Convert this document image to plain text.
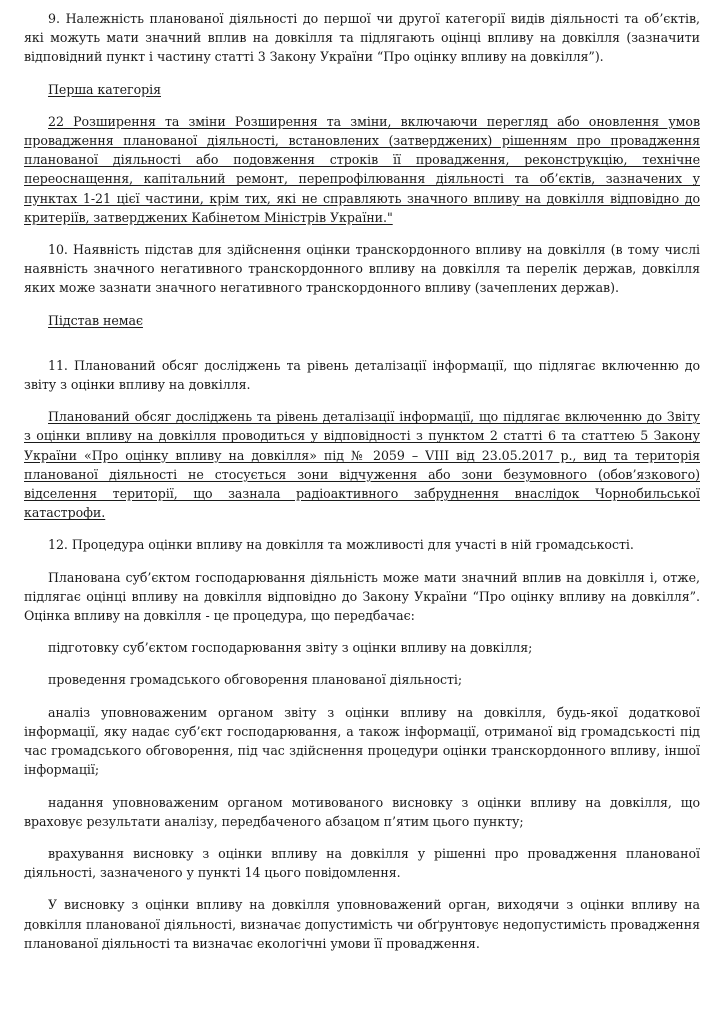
9. Належність планованої діяльності до першої чи другої категорії видів діяльності та об’єктів, які можуть мати значний вплив на довкілля та підлягають оцінці впливу на довкілля (зазначити відповідний пункт і частину статті 3 Закону України “Про оцінку впливу на довкілля”).

Перша категорія

22 Розширення та зміни Розширення та зміни, включаючи перегляд або оновлення умов провадження планованої діяльності, встановлених (затверджених) рішенням про провадження планованої діяльності або подовження строків її провадження, реконструкцію, технічне переоснащення, капітальний ремонт, перепрофілювання діяльності та об’єктів, зазначених у пунктах 1-21 цієї частини, крім тих, які не справляють значного впливу на довкілля відповідно до критеріїв, затверджених Кабінетом Міністрів України."

10. Наявність підстав для здійснення оцінки транскордонного впливу на довкілля (в тому числі наявність значного негативного транскордонного впливу на довкілля та перелік держав, довкілля яких може зазнати значного негативного транскордонного впливу (зачеплених держав).

Підстав немає

11. Планований обсяг досліджень та рівень деталізації інформації, що підлягає включенню до звіту з оцінки впливу на довкілля.

Планований обсяг досліджень та рівень деталізації інформації, що підлягає включенню до Звіту з оцінки впливу на довкілля проводиться у відповідності з пунктом 2 статті 6 та статтею 5 Закону України «Про оцінку впливу на довкілля» під № 2059 – VIII від 23.05.2017 р., вид та територія планованої діяльності не стосується зони відчуження або зони безумовного (обов’язкового) відселення території, що зазнала радіоактивного забруднення внаслідок Чорнобильської катастрофи.

12. Процедура оцінки впливу на довкілля та можливості для участі в ній громадськості.

Планована суб’єктом господарювання діяльність може мати значний вплив на довкілля і, отже, підлягає оцінці впливу на довкілля відповідно до Закону України “Про оцінку впливу на довкілля”. Оцінка впливу на довкілля - це процедура, що передбачає:

підготовку суб’єктом господарювання звіту з оцінки впливу на довкілля;

проведення громадського обговорення планованої діяльності;

аналіз уповноваженим органом звіту з оцінки впливу на довкілля, будь-якої додаткової інформації, яку надає суб’єкт господарювання, а також інформації, отриманої від громадськості під час громадського обговорення, під час здійснення процедури оцінки транскордонного впливу, іншої інформації;

надання уповноваженим органом мотивованого висновку з оцінки впливу на довкілля, що враховує результати аналізу, передбаченого абзацом п’ятим цього пункту;

врахування висновку з оцінки впливу на довкілля у рішенні про провадження планованої діяльності, зазначеного у пункті 14 цього повідомлення.

У висновку з оцінки впливу на довкілля уповноважений орган, виходячи з оцінки впливу на довкілля планованої діяльності, визначає допустимість чи обґрунтовує недопустимість провадження планованої діяльності та визначає екологічні умови її провадження.
